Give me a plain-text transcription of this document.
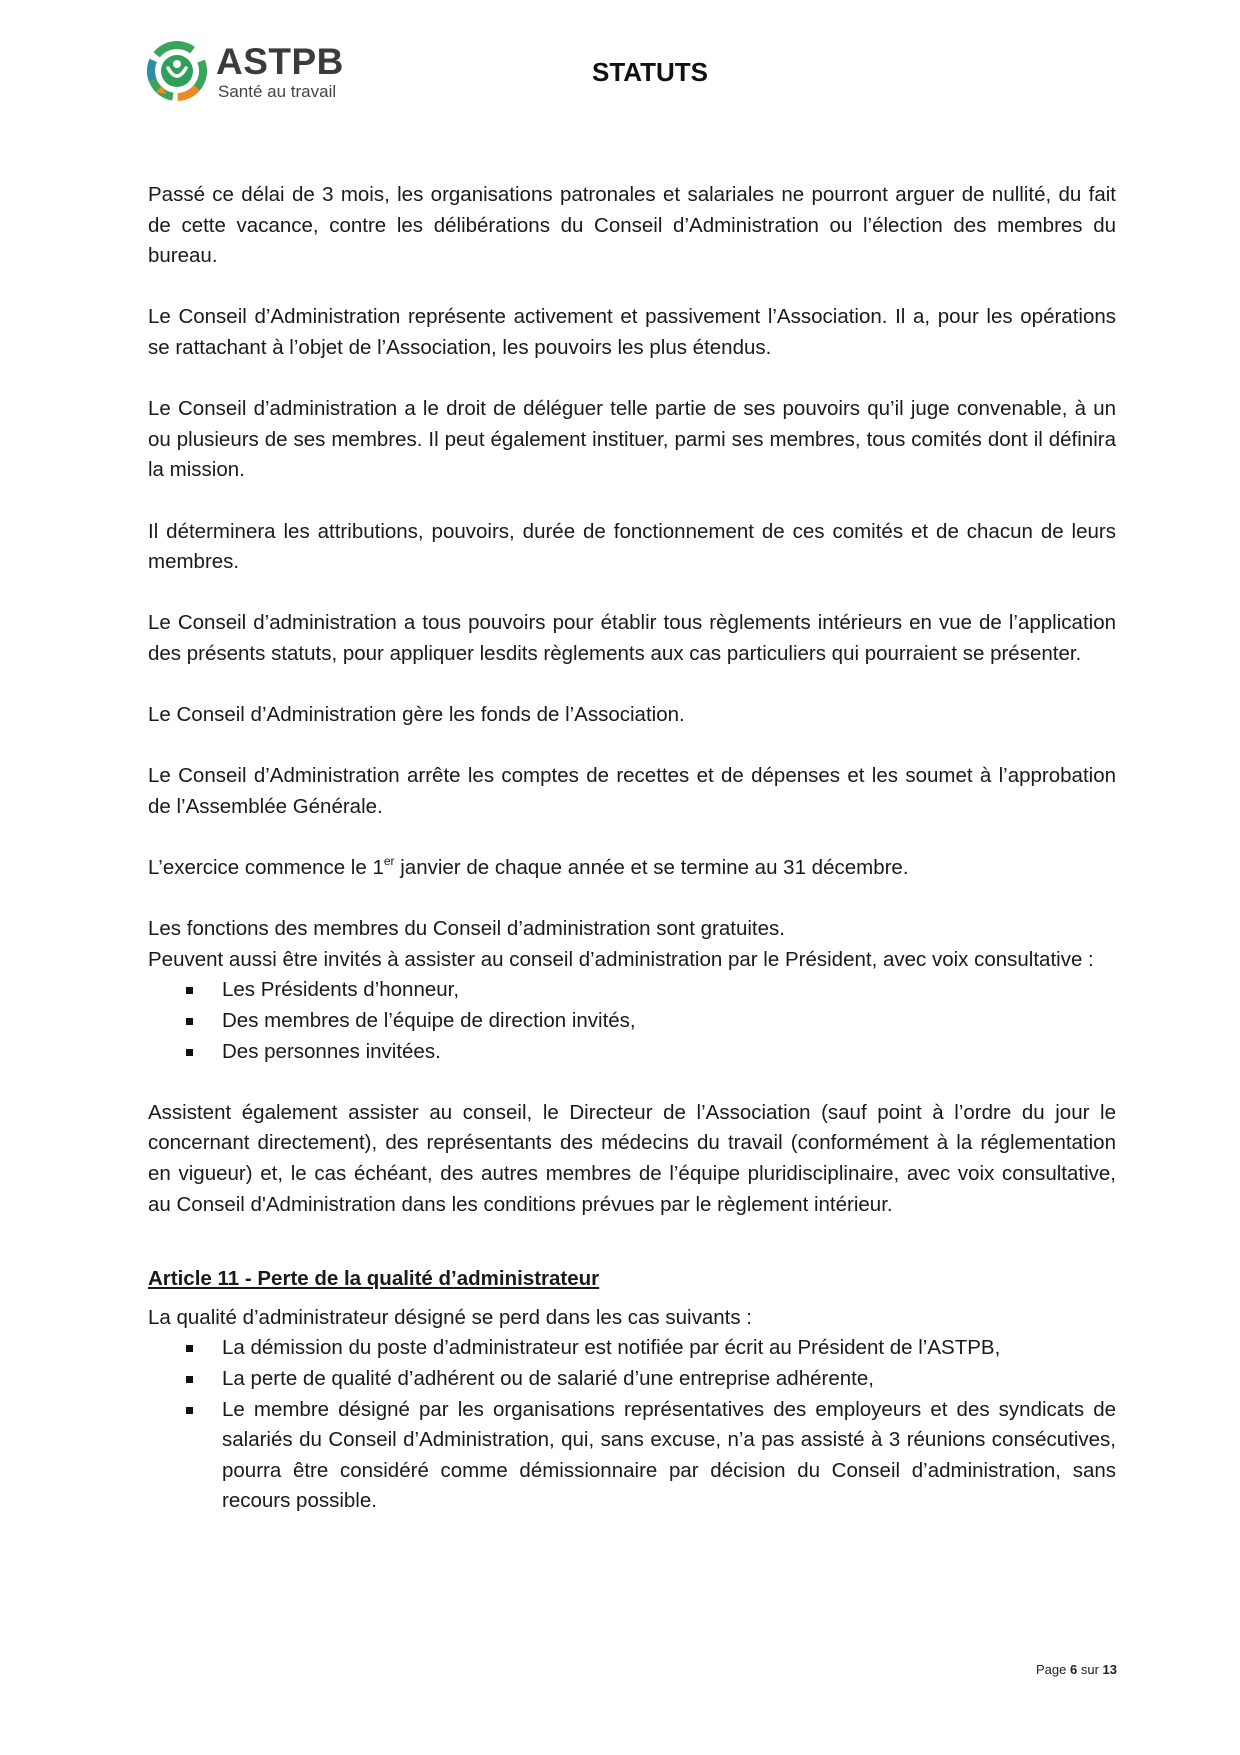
ASTPB
Santé au travail
STATUTS

Passé ce délai de 3 mois, les organisations patronales et salariales ne pourront arguer de nullité, du fait de cette vacance, contre les délibérations du Conseil d’Administration ou l’élection des membres du bureau.

Le Conseil d’Administration représente activement et passivement l’Association. Il a, pour les opérations se rattachant à l’objet de l’Association, les pouvoirs les plus étendus.

Le Conseil d’administration a le droit de déléguer telle partie de ses pouvoirs qu’il juge convenable, à un ou plusieurs de ses membres. Il peut également instituer, parmi ses membres, tous comités dont il définira la mission.

Il déterminera les attributions, pouvoirs, durée de fonctionnement de ces comités et de chacun de leurs membres.

Le Conseil d’administration a tous pouvoirs pour établir tous règlements intérieurs en vue de l’application des présents statuts, pour appliquer lesdits règlements aux cas particuliers qui pourraient se présenter.

Le Conseil d’Administration gère les fonds de l’Association.

Le Conseil d’Administration arrête les comptes de recettes et de dépenses et les soumet à l’approbation de l’Assemblée Générale.

L’exercice commence le 1er janvier de chaque année et se termine au 31 décembre.

Les fonctions des membres du Conseil d’administration sont gratuites.

Peuvent aussi être invités à assister au conseil d’administration par le Président, avec voix consultative :

Les Présidents d’honneur,
Des membres de l’équipe de direction invités,
Des personnes invitées.

Assistent également assister au conseil, le Directeur de l’Association (sauf point à l’ordre du jour le concernant directement), des représentants des médecins du travail (conformément à la réglementation en vigueur) et, le cas échéant, des autres membres de l’équipe pluridisciplinaire, avec voix consultative, au Conseil d'Administration dans les conditions prévues par le règlement intérieur.

Article 11 - Perte de la qualité d’administrateur

La qualité d’administrateur désigné se perd dans les cas suivants :

La démission du poste d’administrateur est notifiée par écrit au Président de l’ASTPB,
La perte de qualité d’adhérent ou de salarié d’une entreprise adhérente,
Le membre désigné par les organisations représentatives des employeurs et des syndicats de salariés du Conseil d’Administration, qui, sans excuse, n’a pas assisté à 3 réunions consécutives, pourra être considéré comme démissionnaire par décision du Conseil d’administration, sans recours possible.
Page 6 sur 13
